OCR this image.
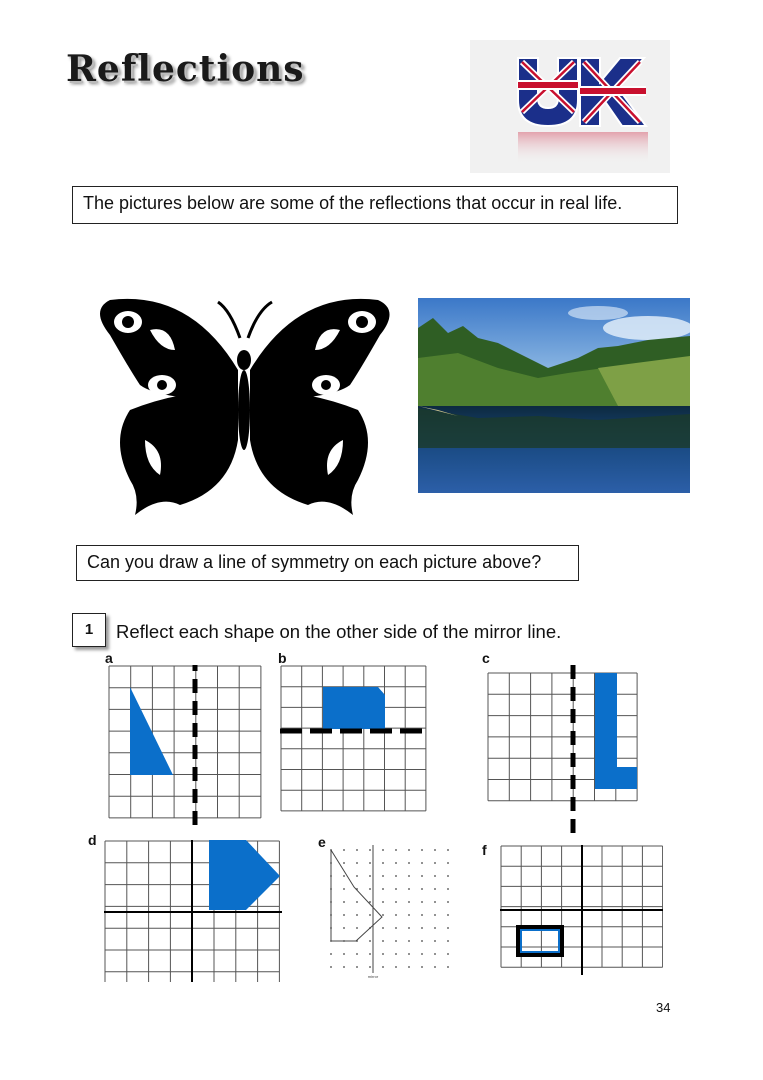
Reflections
UK
The pictures below are some of the reflections that occur in real life.
Can you draw a line of symmetry on each picture above?
1	Reflect each shape on the other side of the mirror line.
a	b	c
d	e	f
mirror
34
